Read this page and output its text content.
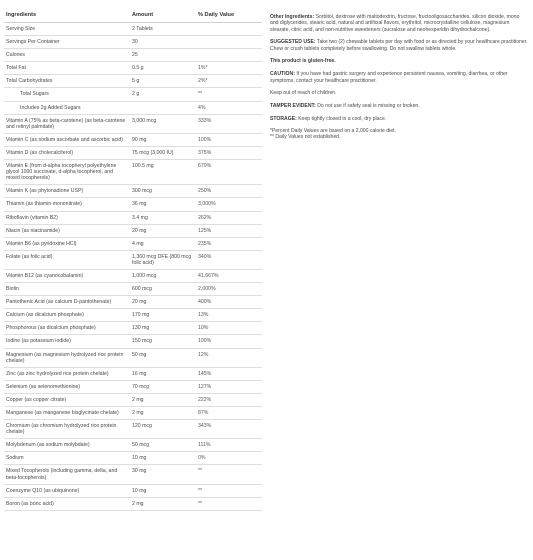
Ingredients	Amount	% Daily Value
Serving Size	2 Tablets	
Servings Per Container	30	
Calories	25	
Total Fat	0.5 g	1%*
Total Carbohydrates	5 g	2%*
Total Sugars	2 g	**
Includes 2g Added Sugars		4%
Vitamin A (75% as beta-carotene) (as beta-carotene and retinyl palmitate)	3,000 mcg	333%
Vitamin C (as sodium ascorbate and ascorbic acid)	90 mg	100%
Vitamin D (as cholecalciferol)	75 mcg (3,000 IU)	375%
Vitamin E (from d-alpha tocopheryl polyethylene glycol 1000 succinate, d-alpha tocopherol, and mixed tocopherols)	100.5 mg	670%
Vitamin K (as phytonadione USP)	300 mcg	250%
Thiamin (as thiamin mononitrate)	36 mg	3,000%
Riboflavin (vitamin B2)	3.4 mg	262%
Niacin (as niacinamide)	20 mg	125%
Vitamin B6 (as pyridoxine HCl)	4 mg	235%
Folate (as folic acid)	1,360 mcg DFE (800 mcg folic acid)	340%
Vitamin B12 (as cyanocobalamin)	1,000 mcg	41,667%
Biotin	600 mcg	2,000%
Pantothenic Acid (as calcium D-pantothenate)	20 mg	400%
Calcium (as dicalcium phosphate)	170 mg	13%
Phosphorous (as dicalcium phosphate)	130 mg	10%
Iodine (as potassium iodide)	150 mcg	100%
Magnesium (as magnesium hydrolyzed rice protein chelate)	50 mg	12%
Zinc (as zinc hydrolyzed rice protein chelate)	16 mg	145%
Selenium (as selenomethionine)	70 mcg	127%
Copper (as copper citrate)	2 mg	222%
Manganese (as manganese bisglycinate chelate)	2 mg	87%
Chromium (as chromium hydrolyzed rice protein chelate)	120 mcg	343%
Molybdenum (as sodium molybdate)	50 mcg	111%
Sodium	10 mg	0%
Mixed Tocopherols (including gamma, delta, and beta-tocopherols)	30 mg	**
Coenzyme Q10 (as ubiquinone)	10 mg	**
Boron (as boric acid)	2 mg	**

Other Ingredients: Sorbitol, dextrose with maltodextrin, fructose, fructooligosaccharides, silicon dioxide, mono and diglycerides, stearic acid, natural and artificial flavors, erythritol, microcrystalline cellulose, magnesium stearate, citric acid, and non-nutritive sweeteners (sucralose and neohesperidin dihydrochalcone).

SUGGESTED USE: Take two (2) chewable tablets per day with food or as directed by your healthcare practitioner. Chew or crush tablets completely before swallowing. Do not swallow tablets whole.

This product is gluten-free.

CAUTION: If you have had gastric surgery and experience persistent nausea, vomiting, diarrhea, or other symptoms, contact your healthcare practitioner.

Keep out of reach of children.

TAMPER EVIDENT: Do not use if safety seal is missing or broken.

STORAGE: Keep tightly closed in a cool, dry place.

*Percent Daily Values are based on a 2,000 calorie diet.
** Daily Values not established.
